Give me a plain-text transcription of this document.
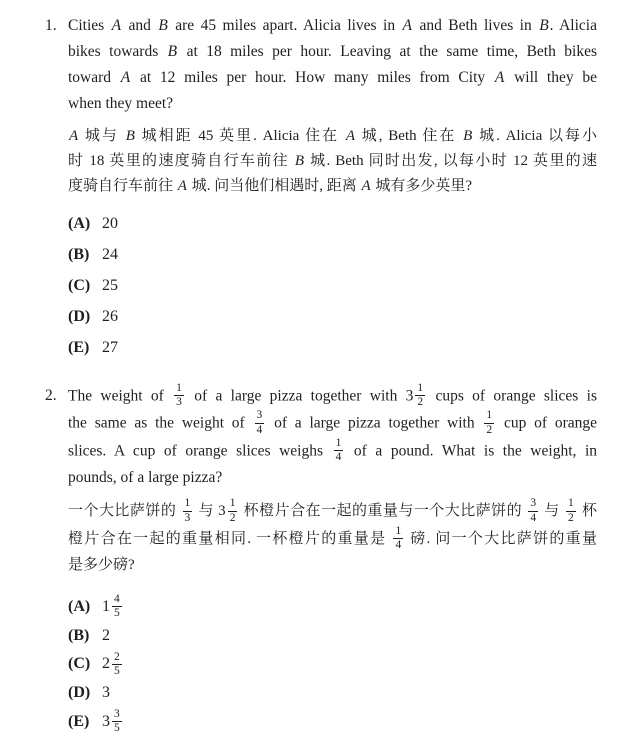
1. Cities A and B are 45 miles apart. Alicia lives in A and Beth lives in B. Alicia
bikes towards B at 18 miles per hour. Leaving at the same time, Beth bikes
toward A at 12 miles per hour. How many miles from City A will they be
when they meet?
A 城与 B 城相距 45 英里. Alicia 住在 A 城, Beth 住在 B 城. Alicia 以每小
时 18 英里的速度骑自行车前往 B 城. Beth 同时出发, 以每小时 12 英里的速
度骑自行车前往 A 城. 问当他们相遇时, 距离 A 城有多少英里?
(A) 20
(B) 24
(C) 25
(D) 26
(E) 27
2. The weight of $\frac{1}{3}$ of a large pizza together with $3 \frac{1}{2}$ cups of orange slices is
the same as the weight of $\frac{3}{4}$ of a large pizza together with $\frac{1}{2}$ cup of orange
slices. A cup of orange slices weighs $\frac{1}{4}$ of a pound. What is the weight, in
pounds, of a large pizza?
一个大比萨饼的 $\frac{1}{3}$ 与 $3 \frac{1}{2}$ 杯橙片合在一起的重量与一个大比萨饼的 $\frac{3}{4}$ 与 $\frac{1}{2}$ 杯
橙片合在一起的重量相同. 一杯橙片的重量是 $\frac{1}{4}$ 磅. 问一个大比萨饼的重量
是多少磅?
(A) $1 \frac{4}{5}$
(B) 2
(C) $2 \frac{2}{5}$
(D) 3
(E) $3 \frac{3}{5}$
